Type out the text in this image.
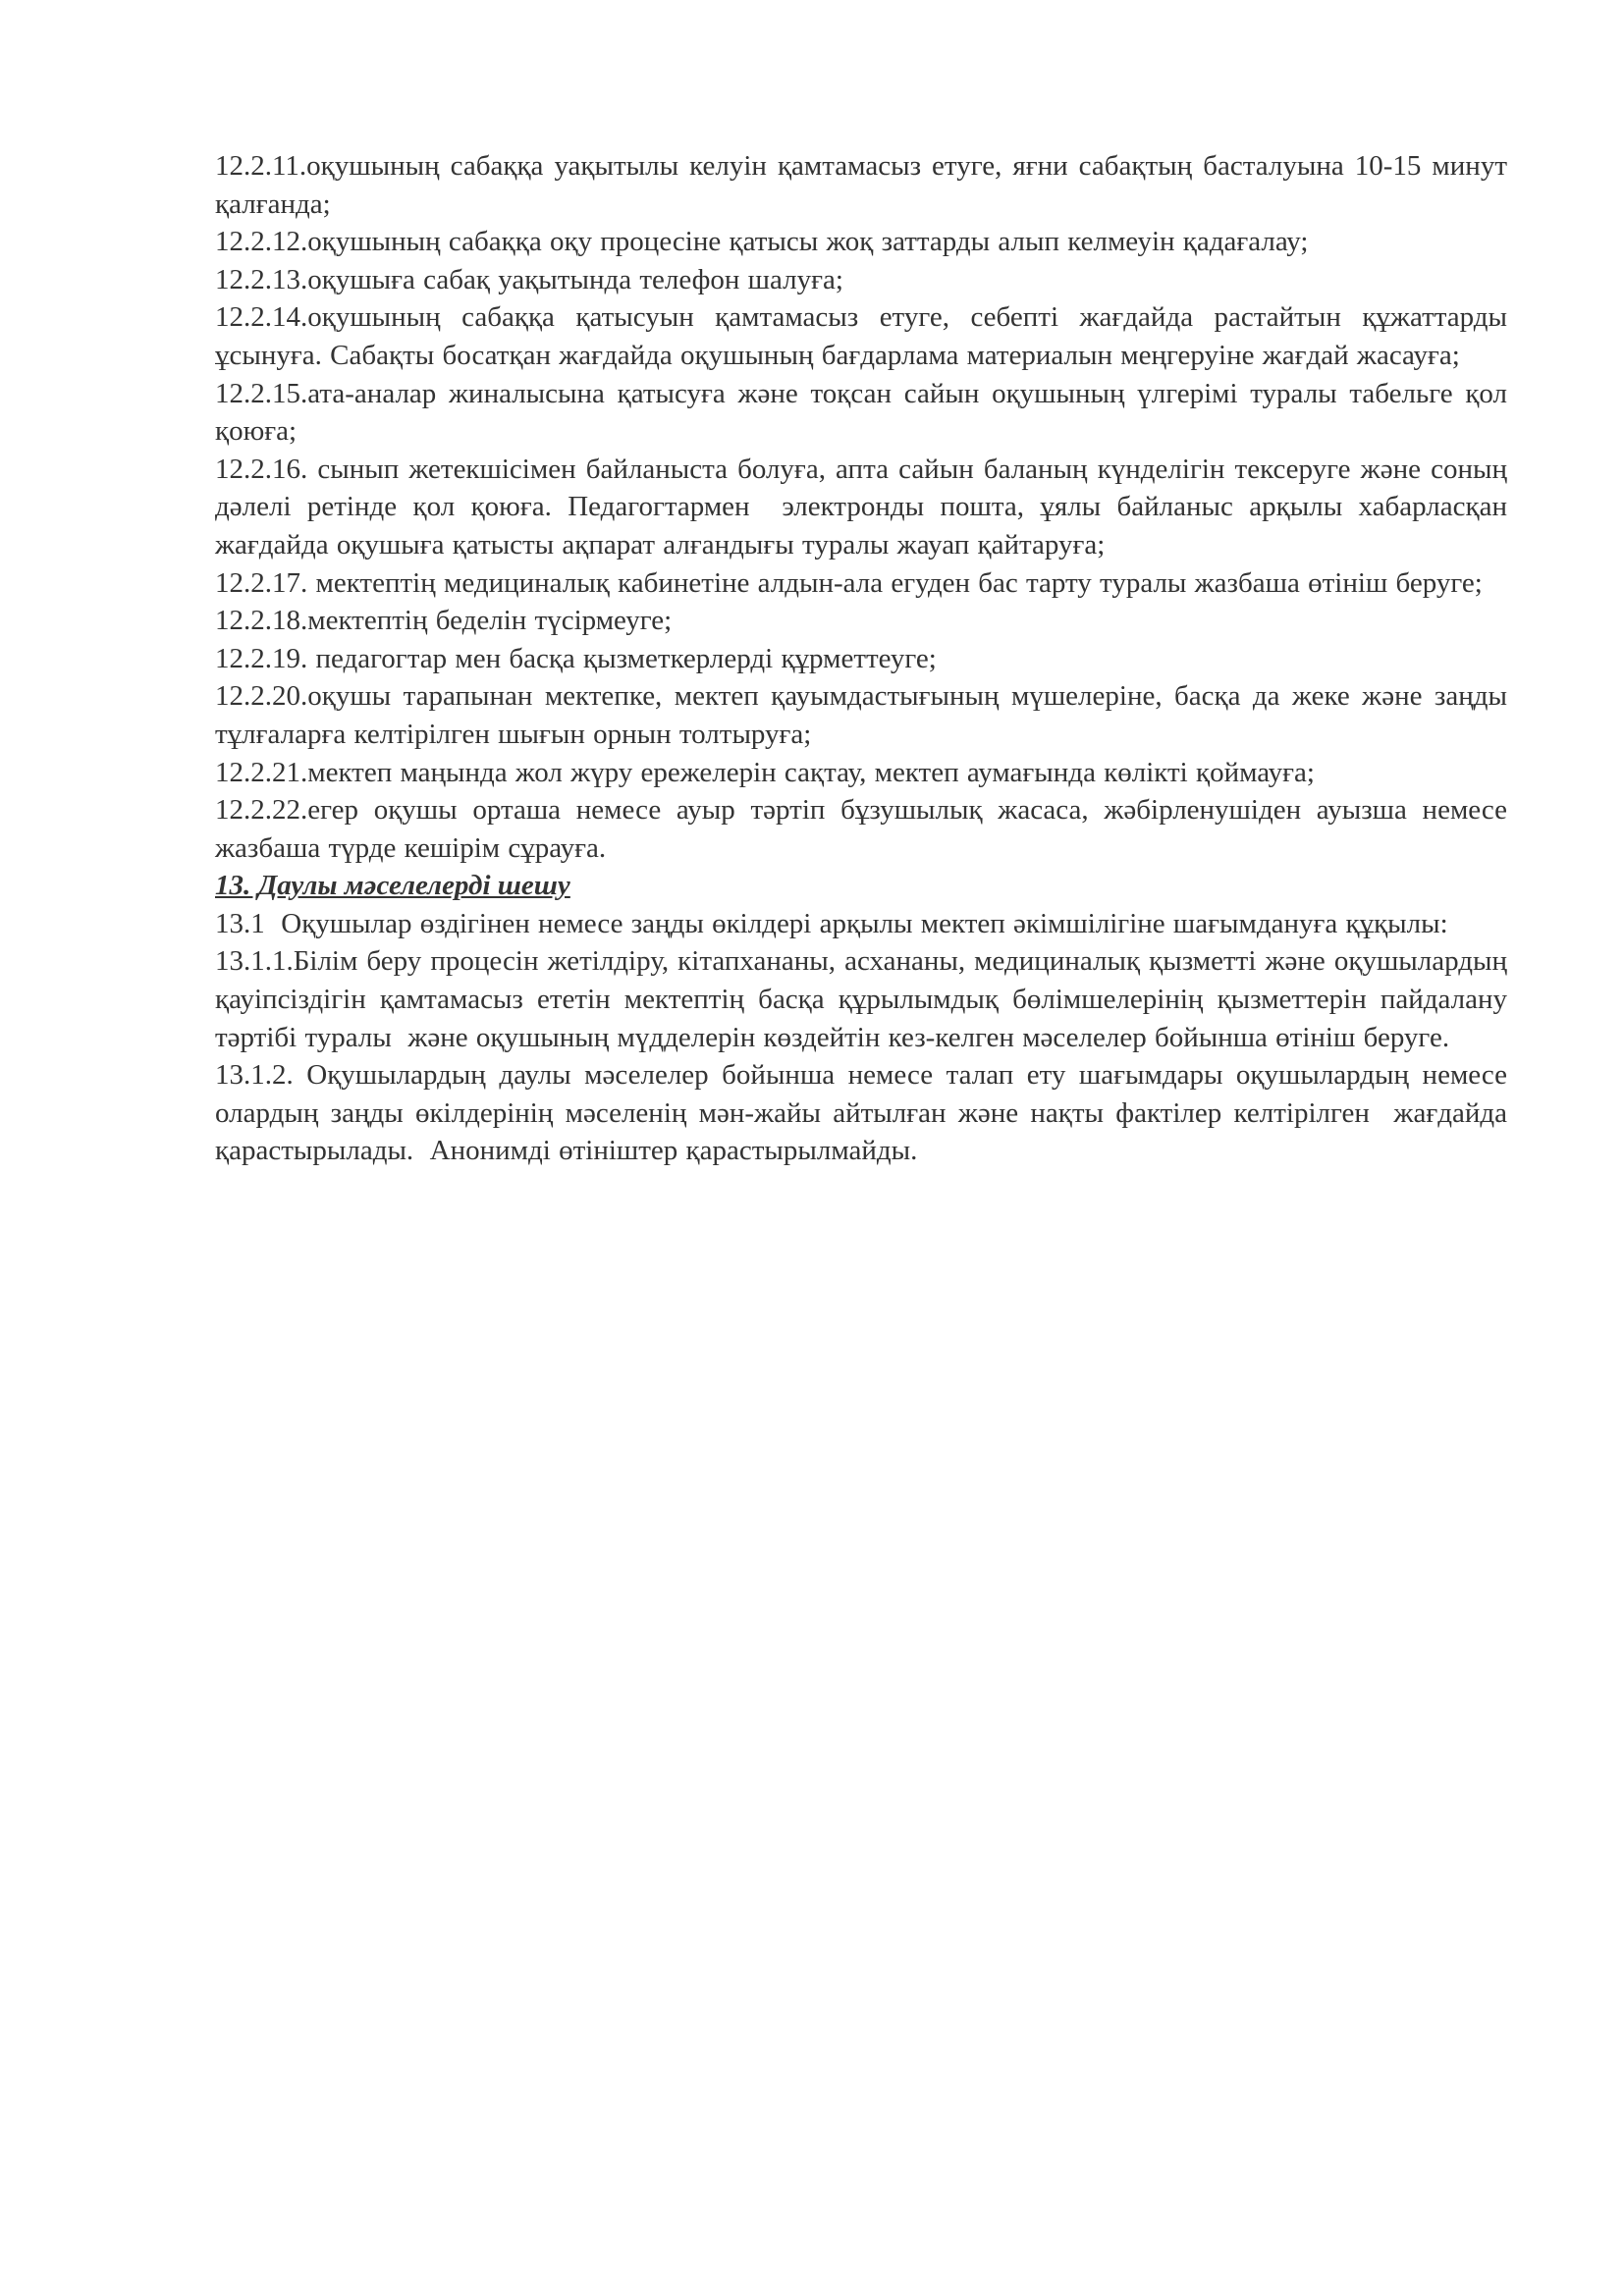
12.2.11.оқушының сабаққа уақытылы келуін қамтамасыз етуге, яғни сабақтың басталуына 10-15 минут қалғанда;

12.2.12.оқушының сабаққа оқу процесіне қатысы жоқ заттарды алып келмеуін қадағалау;

12.2.13.оқушыға сабақ уақытында телефон шалуға;

12.2.14.оқушының сабаққа қатысуын қамтамасыз етуге, себепті жағдайда растайтын құжаттарды ұсынуға. Сабақты босатқан жағдайда оқушының бағдарлама материалын меңгеруіне жағдай жасауға;

12.2.15.ата-аналар жиналысына қатысуға және тоқсан сайын оқушының үлгерімі туралы табельге қол қоюға;

12.2.16. сынып жетекшісімен байланыста болуға, апта сайын баланың күнделігін тексеруге және соның дәлелі ретінде қол қоюға. Педагогтармен  электронды пошта, ұялы байланыс арқылы хабарласқан жағдайда оқушыға қатысты ақпарат алғандығы туралы жауап қайтаруға;

12.2.17. мектептің медициналық кабинетіне алдын-ала егуден бас тарту туралы жазбаша өтініш беруге;

12.2.18.мектептің беделін түсірмеуге;

12.2.19. педагогтар мен басқа қызметкерлерді құрметтеуге;

12.2.20.оқушы тарапынан мектепке, мектеп қауымдастығының мүшелеріне, басқа да жеке және заңды тұлғаларға келтірілген шығын орнын толтыруға;

12.2.21.мектеп маңында жол жүру ережелерін сақтау, мектеп аумағында көлікті қоймауға;

12.2.22.егер оқушы орташа немесе ауыр тәртіп бұзушылық жасаса, жәбірленушіден ауызша немесе жазбаша түрде кешірім сұрауға.

13. Даулы мәселелерді шешу

13.1  Оқушылар өздігінен немесе заңды өкілдері арқылы мектеп әкімшілігіне шағымдануға құқылы:

13.1.1.Білім беру процесін жетілдіру, кітапхананы, асхананы, медициналық қызметті және оқушылардың қауіпсіздігін қамтамасыз ететін мектептің басқа құрылымдық бөлімшелерінің қызметтерін пайдалану тәртібі туралы  және оқушының мүдделерін көздейтін кез-келген мәселелер бойынша өтініш беруге.

13.1.2. Оқушылардың даулы мәселелер бойынша немесе талап ету шағымдары оқушылардың немесе олардың заңды өкілдерінің мәселенің мән-жайы айтылған және нақты фактілер келтірілген  жағдайда қарастырылады.  Анонимді өтініштер қарастырылмайды.
